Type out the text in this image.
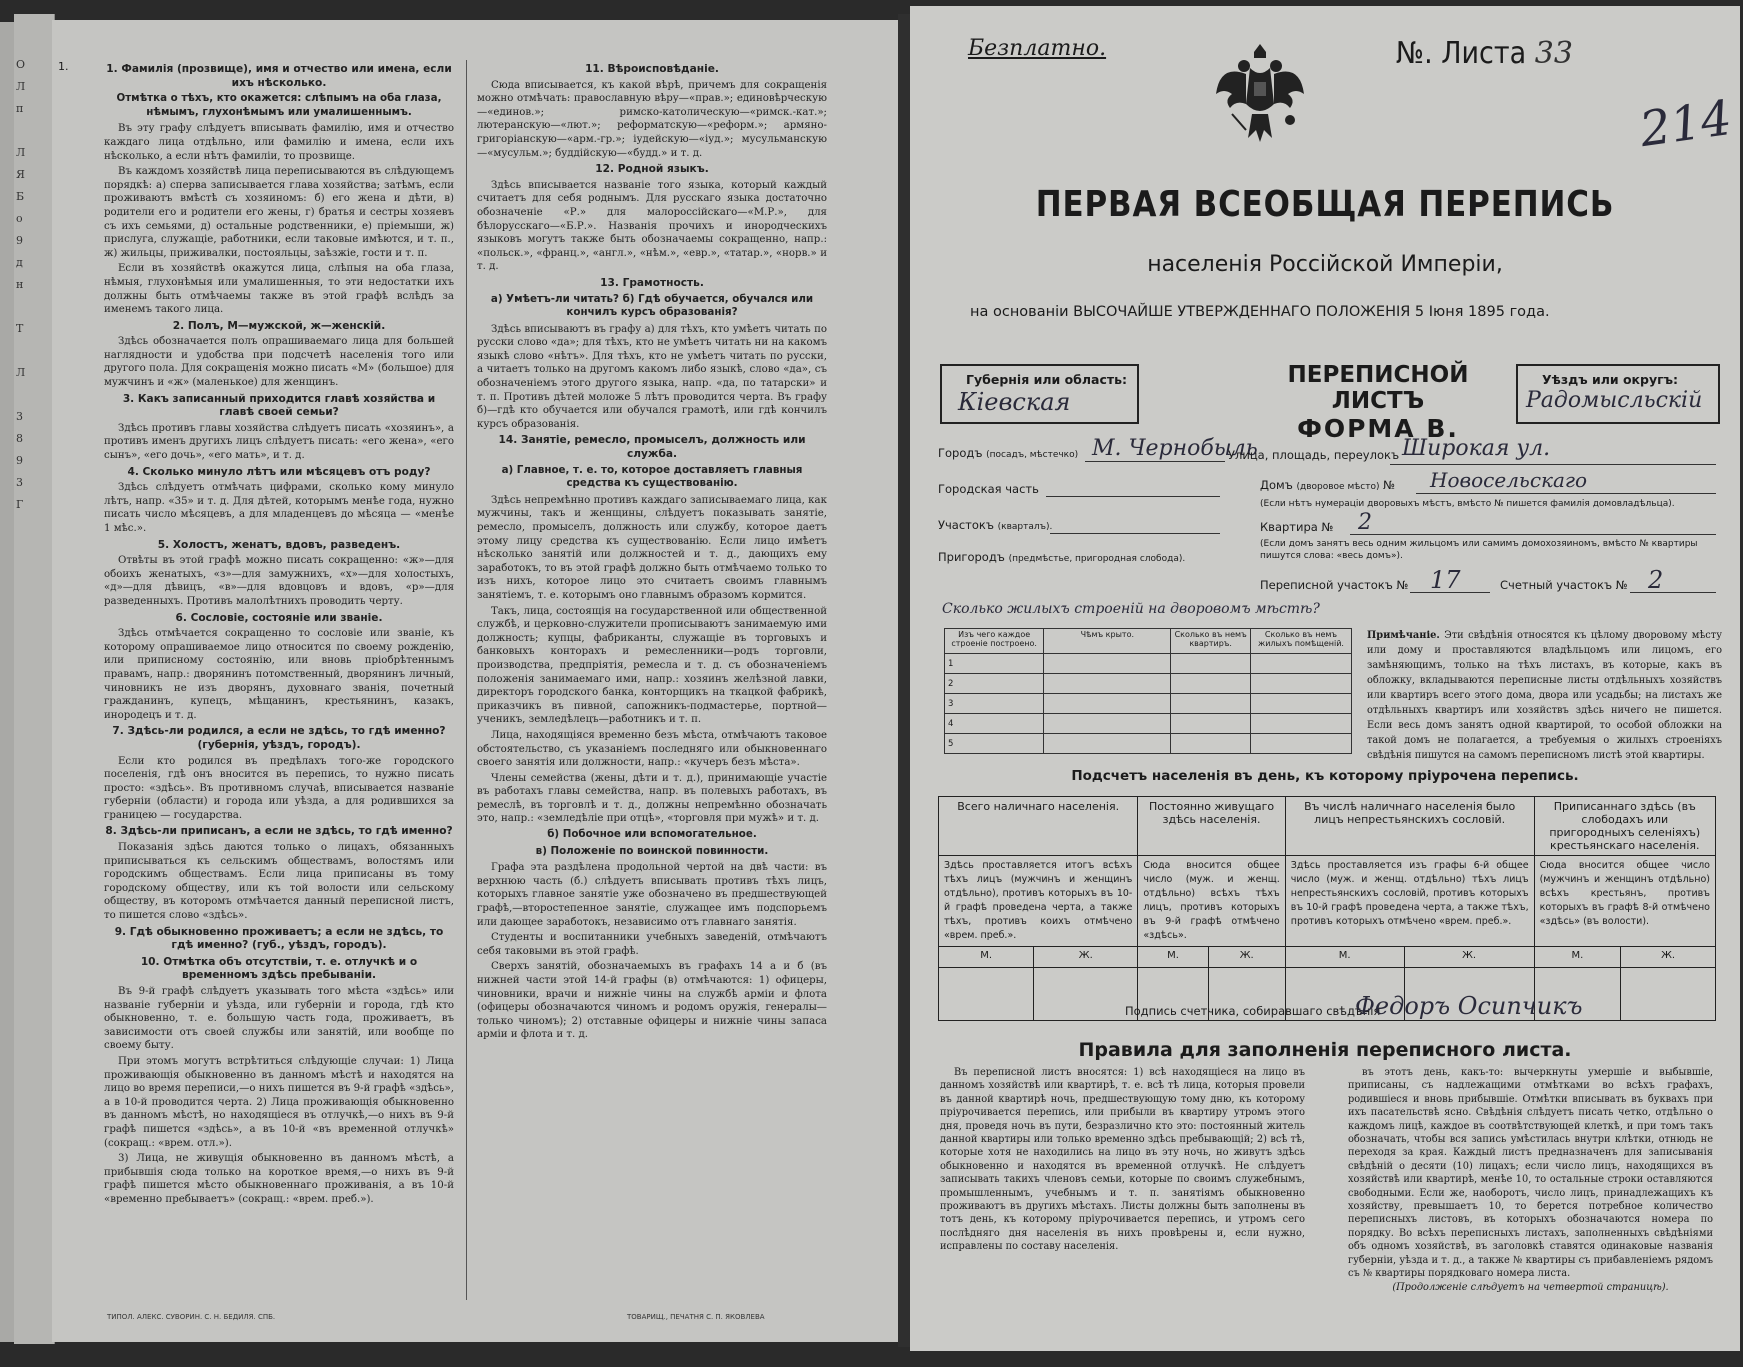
О
Л
п
Л
Я
Б
о
9
д
н
Т
Л
3
8
9
3
Г
1.	1. Фамилія (прозвище), имя и отчество или имена, если ихъ нѣсколько.
Отмѣтка о тѣхъ, кто окажется: слѣпымъ на оба глаза, нѣмымъ, глухонѣмымъ или умалишеннымъ.

Въ эту графу слѣдуетъ вписывать фамилію, имя и отчество каждаго лица отдѣльно, или фамилію и имена, если ихъ нѣсколько, а если нѣтъ фамиліи, то прозвище.

Въ каждомъ хозяйствѣ лица переписываются въ слѣдующемъ порядкѣ: а) сперва записывается глава хозяйства; затѣмъ, если проживаютъ вмѣстѣ съ хозяиномъ: б) его жена и дѣти, в) родители его и родители его жены, г) братья и сестры хозяевъ съ ихъ семьями, д) остальные родственники, е) пріемыши, ж) прислуга, служащіе, работники, если таковые имѣются, и т. п., ж) жильцы, приживалки, постояльцы, заѣзжіе, гости и т. п.

Если въ хозяйствѣ окажутся лица, слѣпыя на оба глаза, нѣмыя, глухонѣмыя или умалишенныя, то эти недостатки ихъ должны быть отмѣчаемы также въ этой графѣ вслѣдъ за именемъ такого лица.

2. Полъ, М—мужской, ж—женскій.

Здѣсь обозначается полъ опрашиваемаго лица для большей наглядности и удобства при подсчетѣ населенія того или другого пола. Для сокращенія можно писать «М» (большое) для мужчинъ и «ж» (маленькое) для женщинъ.

3. Какъ записанный приходится главѣ хозяйства и главѣ своей семьи?

Здѣсь противъ главы хозяйства слѣдуетъ писать «хозяинъ», а противъ именъ другихъ лицъ слѣдуетъ писать: «его жена», «его сынъ», «его дочь», «его мать», и т. д.

4. Сколько минуло лѣтъ или мѣсяцевъ отъ роду?

Здѣсь слѣдуетъ отмѣчать цифрами, сколько кому минуло лѣтъ, напр. «35» и т. д. Для дѣтей, которымъ менѣе года, нужно писать число мѣсяцевъ, а для младенцевъ до мѣсяца — «менѣе 1 мѣс.».

5. Холостъ, женатъ, вдовъ, разведенъ.

Отвѣты въ этой графѣ можно писать сокращенно: «ж»—для обоихъ женатыхъ, «з»—для замужнихъ, «х»—для холостыхъ, «д»—для дѣвицъ, «в»—для вдовцовъ и вдовъ, «р»—для разведенныхъ. Противъ малолѣтнихъ проводить черту.

6. Сословіе, состояніе или званіе.

Здѣсь отмѣчается сокращенно то сословіе или званіе, къ которому опрашиваемое лицо относится по своему рожденію, или приписному состоянію, или вновь пріобрѣтеннымъ правамъ, напр.: дворянинъ потомственный, дворянинъ личный, чиновникъ не изъ дворянъ, духовнаго званія, почетный гражданинъ, купецъ, мѣщанинъ, крестьянинъ, казакъ, инородецъ и т. д.

7. Здѣсь-ли родился, а если не здѣсь, то гдѣ именно? (губернія, уѣздъ, городъ).

Если кто родился въ предѣлахъ того-же городского поселенія, гдѣ онъ вносится въ перепись, то нужно писать просто: «здѣсь». Въ противномъ случаѣ, вписывается названіе губерніи (области) и города или уѣзда, а для родившихся за границею — государства.

8. Здѣсь-ли приписанъ, а если не здѣсь, то гдѣ именно?

Показанія здѣсь даются только о лицахъ, обязанныхъ приписываться къ сельскимъ обществамъ, волостямъ или городскимъ обществамъ. Если лица приписаны въ тому городскому обществу, или къ той волости или сельскому обществу, въ которомъ отмѣчается данный переписной листъ, то пишется слово «здѣсь».

9. Гдѣ обыкновенно проживаетъ; а если не здѣсь, то гдѣ именно? (губ., уѣздъ, городъ).
10. Отмѣтка объ отсутствіи, т. е. отлучкѣ и о временномъ здѣсь пребываніи.

Въ 9-й графѣ слѣдуетъ указывать того мѣста «здѣсь» или названіе губерніи и уѣзда, или губерніи и города, гдѣ кто обыкновенно, т. е. большую часть года, проживаетъ, въ зависимости отъ своей службы или занятій, или вообще по своему быту.

При этомъ могутъ встрѣтиться слѣдующіе случаи: 1) Лица проживающія обыкновенно въ данномъ мѣстѣ и находятся на лицо во время переписи,—о нихъ пишется въ 9-й графѣ «здѣсь», а в 10-й проводится черта. 2) Лица проживающія обыкновенно въ данномъ мѣстѣ, но находящіеся въ отлучкѣ,—о нихъ въ 9-й графѣ пишется «здѣсь», а въ 10-й «въ временной отлучкѣ» (сокращ.: «врем. отл.»).

3) Лица, не живущія обыкновенно въ данномъ мѣстѣ, а прибывшія сюда только на короткое время,—о нихъ въ 9-й графѣ пишется мѣсто обыкновеннаго проживанія, а въ 10-й «временно пребываетъ» (сокращ.: «врем. преб.»).

11. Вѣроисповѣданіе.

Сюда вписывается, къ какой вѣрѣ, причемъ для сокращенія можно отмѣчать: православную вѣру—«прав.»; единовѣрческую—«единов.»; римско-католическую—«римск.-кат.»; лютеранскую—«лют.»; реформатскую—«реформ.»; армяно-григоріанскую—«арм.-гр.»; іудейскую—«іуд.»; мусульманскую—«мусульм.»; буддійскую—«будд.» и т. д.

12. Родной языкъ.

Здѣсь вписывается названіе того языка, который каждый считаетъ для себя роднымъ. Для русскаго языка достаточно обозначеніе «Р.» для малороссійскаго—«М.Р.», для бѣлорусскаго—«Б.Р.». Названія прочихъ и инородческихъ языковъ могутъ также быть обозначаемы сокращенно, напр.: «польск.», «франц.», «англ.», «нѣм.», «евр.», «татар.», «норв.» и т. д.

13. Грамотность.
а) Умѣетъ-ли читать? б) Гдѣ обучается, обучался или кончилъ курсъ образованія?

Здѣсь вписываютъ въ графу а) для тѣхъ, кто умѣетъ читать по русски слово «да»; для тѣхъ, кто не умѣетъ читать ни на какомъ языкѣ слово «нѣтъ». Для тѣхъ, кто не умѣетъ читать по русски, а читаетъ только на другомъ какомъ либо языкѣ, слово «да», съ обозначеніемъ этого другого языка, напр. «да, по татарски» и т. п. Противъ дѣтей моложе 5 лѣтъ проводится черта. Въ графу б)—гдѣ кто обучается или обучался грамотѣ, или гдѣ кончилъ курсъ образованія.

14. Занятіе, ремесло, промыселъ, должность или служба.
а) Главное, т. е. то, которое доставляетъ главныя средства къ существованію.

Здѣсь непремѣнно противъ каждаго записываемаго лица, как мужчины, такъ и женщины, слѣдуетъ показывать занятіе, ремесло, промыселъ, должность или службу, которое даетъ этому лицу средства къ существованію. Если лицо имѣетъ нѣсколько занятій или должностей и т. д., дающихъ ему заработокъ, то въ этой графѣ должно быть отмѣчаемо только то изъ нихъ, которое лицо это считаетъ своимъ главнымъ занятіемъ, т. е. которымъ оно главнымъ образомъ кормится.

Такъ, лица, состоящія на государственной или общественной службѣ, и церковно-служители прописываютъ занимаемую ими должность; купцы, фабриканты, служащіе въ торговыхъ и банковыхъ конторахъ и ремесленники—родъ торговли, производства, предпріятія, ремесла и т. д. съ обозначеніемъ положенія занимаемаго ими, напр.: хозяинъ желѣзной лавки, директоръ городского банка, конторщикъ на ткацкой фабрикѣ, приказчикъ въ пивной, сапожникъ-подмастерье, портной—ученикъ, земледѣлецъ—работникъ и т. п.

Лица, находящіяся временно безъ мѣста, отмѣчаютъ таковое обстоятельство, съ указаніемъ последняго или обыкновеннаго своего занятія или должности, напр.: «кучеръ безъ мѣста».

Члены семейства (жены, дѣти и т. д.), принимающіе участіе въ работахъ главы семейства, напр. въ полевыхъ работахъ, въ ремеслѣ, въ торговлѣ и т. д., должны непремѣнно обозначать это, напр.: «земледѣліе при отцѣ», «торговля при мужѣ» и т. д.

б) Побочное или вспомогательное.
в) Положеніе по воинской повинности.

Графа эта раздѣлена продольной чертой на двѣ части: въ верхнюю часть (б.) слѣдуетъ вписывать противъ тѣхъ лицъ, которыхъ главное занятіе уже обозначено въ предшествующей графѣ,—второстепенное занятіе, служащее имъ подспорьемъ или дающее заработокъ, независимо отъ главнаго занятія.

Студенты и воспитанники учебныхъ заведеній, отмѣчаютъ себя таковыми въ этой графѣ.

Сверхъ занятій, обозначаемыхъ въ графахъ 14 а и б (въ нижней части этой 14-й графы (в) отмѣчаются: 1) офицеры, чиновники, врачи и нижніе чины на службѣ арміи и флота (офицеры обозначаются чиномъ и родомъ оружія, генералы—только чиномъ); 2) отставные офицеры и нижніе чины запаса арміи и флота и т. д.

ТИПОЛ. АЛЕКС. СУВОРИН. С. Н. БЕДИЛЯ. СПБ.	ТОВАРИЩ., ПЕЧАТНЯ С. П. ЯКОВЛЕВА
Безплатно.	№. Листа 33
214
ПЕРВАЯ ВСЕОБЩАЯ ПЕРЕПИСЬ
населенія Россійской Имперіи,
на основаніи ВЫСОЧАЙШЕ УТВЕРЖДЕННАГО ПОЛОЖЕНІЯ 5 Іюня 1895 года.
Губернія или область:
Кіевская
ПЕРЕПИСНОЙ ЛИСТЪ
ФОРМА В.
Уѣздъ или округъ:
Радомысльскій
Городъ (посадъ, мѣстечко) М. Чернобыль
Улица, площадь, переулокъ Широкая ул.
Городская часть	Домъ (дворовое мѣсто) № Новосельскаго
(Если нѣтъ нумераціи дворовыхъ мѣстъ, вмѣсто № пишется фамилія домовладѣльца).
Участокъ (кварталъ).	Квартира № 2
(Если домъ занятъ весь одним жильцомъ или самимъ домохозяиномъ, вмѣсто № квартиры пишутся слова: «весь домъ»).
Пригородъ (предмѣстье, пригородная слобода).
Переписной участокъ № 17	Счетный участокъ № 2
Сколько жилыхъ строеній на дворовомъ мѣстѣ?
Изъ чего каждое строеніе построено.	Чѣмъ крыто.	Сколько въ немъ квартиръ.	Сколько въ немъ жилыхъ помѣщеній.
1			
2			
3			
4			
5			
Примѣчаніе. Эти свѣдѣнія относятся къ цѣлому дворовому мѣсту или дому и проставляются владѣльцомъ или лицомъ, его замѣняющимъ, только на тѣхъ листахъ, въ которые, какъ въ обложку, вкладываются переписные листы отдѣльныхъ хозяйствъ или квартиръ всего этого дома, двора или усадьбы; на листахъ же отдѣльныхъ квартиръ или хозяйствъ здѣсь ничего не пишется. Если весь домъ занятъ одной квартирой, то особой обложки на такой домъ не полагается, а требуемыя о жилыхъ строеніяхъ свѣдѣнія пишутся на самомъ переписномъ листѣ этой квартиры.
Подсчетъ населенія въ день, къ которому пріурочена перепись.
Всего наличнаго населенія.		Постоянно живущаго здѣсь населенія.		Въ числѣ наличнаго населенія было лицъ непрестьянскихъ сословій.		Приписаннаго здѣсь (въ слободахъ или пригородныхъ селеніяхъ) крестьянскаго населенія.	
Здѣсь проставляется итогъ всѣхъ тѣхъ лицъ (мужчинъ и женщинъ отдѣльно), противъ которыхъ въ 10-й графѣ проведена черта, а также тѣхъ, противъ коихъ отмѣчено «врем. преб.».		Сюда вносится общее число (муж. и женщ. отдѣльно) всѣхъ тѣхъ лицъ, противъ которыхъ въ 9-й графѣ отмѣчено «здѣсь».		Здѣсь проставляется изъ графы 6-й общее число (муж. и женщ. отдѣльно) тѣхъ лицъ непрестьянскихъ сословій, противъ которыхъ въ 10-й графѣ проведена черта, а также тѣхъ, противъ которыхъ отмѣчено «врем. преб.».		Сюда вносится общее число (мужчинъ и женщинъ отдѣльно) всѣхъ крестьянъ, противъ которыхъ въ графѣ 8-й отмѣчено «здѣсь» (въ волости).	
М.	Ж.	М.	Ж.	М.	Ж.	М.	Ж.

Подпись счетчика, собиравшаго свѣдѣнія
Федоръ Осипчикъ
Правила для заполненія переписного листа.

Въ переписной листъ вносятся: 1) всѣ находящіеся на лицо въ данномъ хозяйствѣ или квартирѣ, т. е. всѣ тѣ лица, которыя провели въ данной квартирѣ ночь, предшествующую тому дню, къ которому пріурочивается перепись, или прибыли въ квартиру утромъ этого дня, проведя ночь въ пути, безразлично кто это: постоянный житель данной квартиры или только временно здѣсь пребывающій; 2) всѣ тѣ, которые хотя не находились на лицо въ эту ночь, но живутъ здѣсь обыкновенно и находятся въ временной отлучкѣ. Не слѣдуетъ записывать такихъ членовъ семьи, которые по своимъ служебнымъ, промышленнымъ, учебнымъ и т. п. занятіямъ обыкновенно проживаютъ въ другихъ мѣстахъ. Листы должны быть заполнены въ тотъ день, къ которому пріурочивается перепись, и утромъ сего послѣдняго дня населенія въ нихъ провѣрены и, если нужно, исправлены по составу населенія.

въ этотъ день, какъ-то: вычеркнуты умершіе и выбывшіе, приписаны, съ надлежащими отмѣтками во всѣхъ графахъ, родившіеся и вновь прибывшіе. Отмѣтки вписывать въ буквахъ при ихъ пасательствѣ ясно. Свѣдѣнія слѣдуетъ писать четко, отдѣльно о каждомъ лицѣ, каждое въ соотвѣтствующей клеткѣ, и при томъ такъ обозначать, чтобы вся запись умѣстилась внутри клѣтки, отнюдь не переходя за края. Каждый листъ предназначенъ для записыванія свѣдѣній о десяти (10) лицахъ; если число лицъ, находящихся въ хозяйствѣ или квартирѣ, менѣе 10, то остальные строки оставляются свободными. Если же, наоборотъ, число лицъ, принадлежащихъ къ хозяйству, превышаетъ 10, то берется потребное количество переписныхъ листовъ, въ которыхъ обозначаются номера по порядку. Во всѣхъ переписныхъ листахъ, заполненныхъ свѣдѣніями объ одномъ хозяйствѣ, въ заголовкѣ ставятся одинаковые названія губерніи, уѣзда и т. д., а также № квартиры съ прибавленіемъ рядомъ съ № квартиры порядковаго номера листа.

(Продолженіе слѣдуетъ на четвертой страницѣ).
